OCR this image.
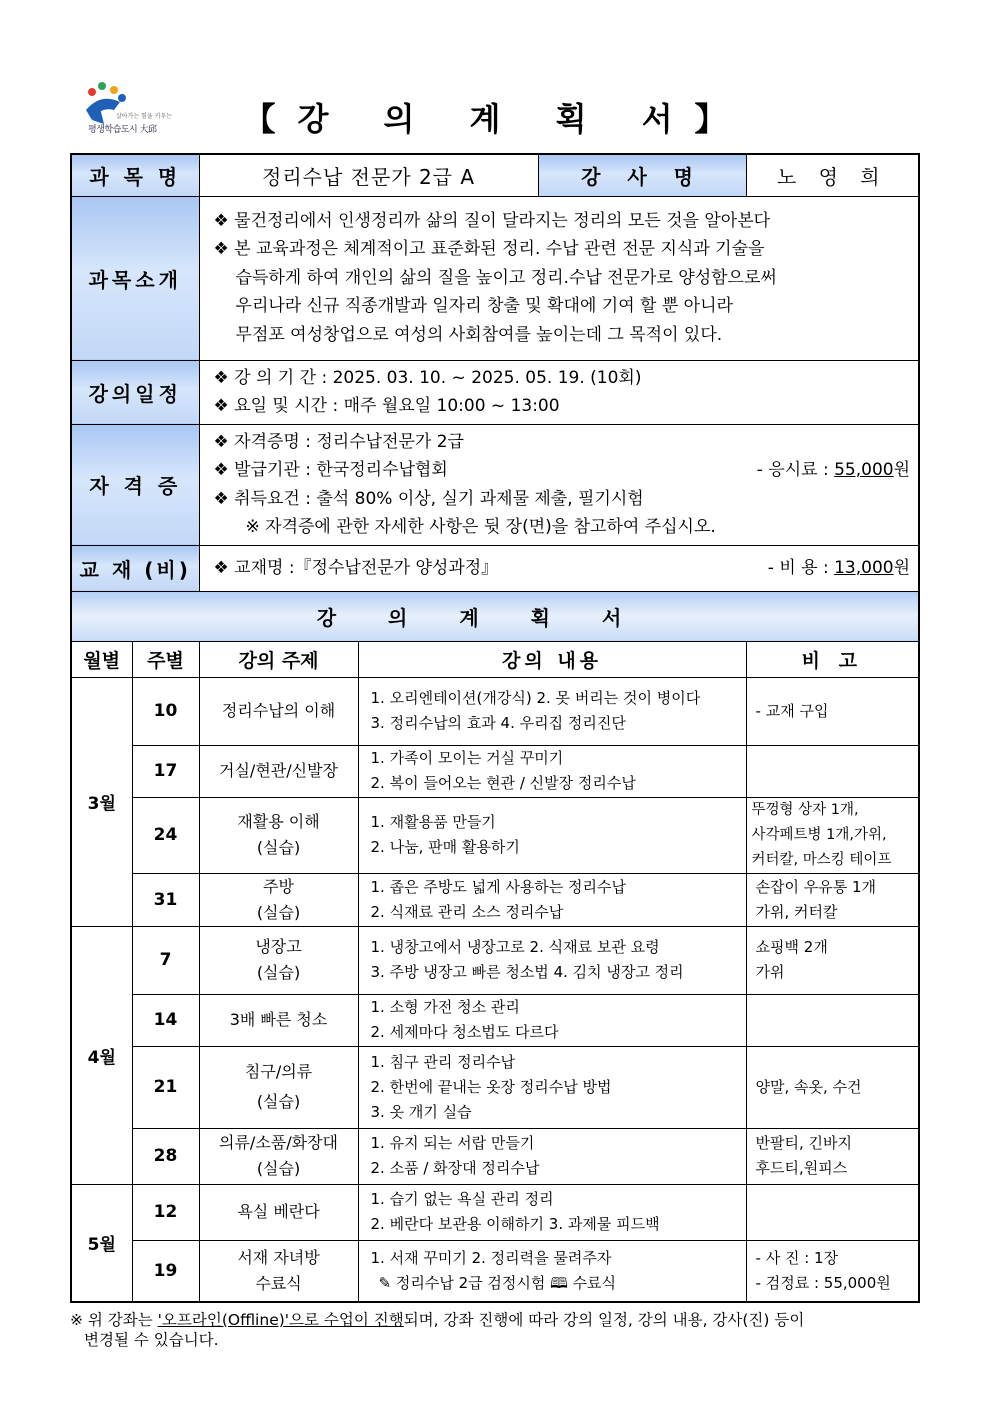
살아가는 힘을 키우는
평생학습도시 大邱	【강 의 계 획 서】
과 목 명		정리수납 전문가 2급 A		강 사 명	노 영 희
과목소개		❖ 물건정리에서 인생정리까 삶의 질이 달라지는 정리의 모든 것을 알아본다
❖ 본 교육과정은 체계적이고 표준화된 정리. 수납 관련 전문 지식과 기술을
습득하게 하여 개인의 삶의 질을 높이고 정리.수납 전문가로 양성함으로써
우리나라 신규 직종개발과 일자리 창출 및 확대에 기여 할 뿐 아니라
무점포 여성창업으로 여성의 사회참여를 높이는데 그 목적이 있다.			

강의일정		❖ 강 의 기 간 : 2025. 03. 10. ~ 2025. 05. 19. (10회)
❖ 요일 및 시간 : 매주 월요일 10:00 ~ 13:00			

자 격 증		❖ 자격증명 : 정리수납전문가 2급
❖ 발급기관 : 한국정리수납협회 - 응시료 : 55,000원
❖ 취득요건 : 출석 80% 이상, 실기 과제물 제출, 필기시험
※ 자격증에 관한 자세한 사항은 뒷 장(면)을 참고하여 주십시오.			

교 재 (비)		❖ 교재명 :『정수납전문가 양성과정』 - 비 용 : 13,000원			

강의계획서					
월별	주별	강의 주제	강의 내용		비 고
3월	10	정리수납의 이해	1. 오리엔테이션(개강식) 2. 못 버리는 것이 병이다
3. 정리수납의 효과 4. 우리집 정리진단		- 교재 구입

	17	거실/현관/신발장	1. 가족이 모이는 거실 꾸미기
2. 복이 들어오는 현관 / 신발장 정리수납		

	24	재활용 이해
(실습)	1. 재활용품 만들기
2. 나눔, 판매 활용하기		뚜껑형 상자 1개,
사각페트병 1개,가위,
커터칼, 마스킹 테이프

	31	주방
(실습)	1. 좁은 주방도 넓게 사용하는 정리수납
2. 식재료 관리 소스 정리수납		손잡이 우유통 1개
가위, 커터칼

4월	7	냉장고
(실습)	1. 냉창고에서 냉장고로 2. 식재료 보관 요령
3. 주방 냉장고 빠른 청소법 4. 김치 냉장고 정리		쇼핑백 2개
가위

	14	3배 빠른 청소	1. 소형 가전 청소 관리
2. 세제마다 청소법도 다르다		

	21	침구/의류
(실습)	1. 침구 관리 정리수납
2. 한번에 끝내는 옷장 정리수납 방법
3. 옷 개기 실습		양말, 속옷, 수건

	28	의류/소품/화장대
(실습)	1. 유지 되는 서랍 만들기
2. 소품 / 화장대 정리수납		반팔티, 긴바지
후드티,원피스

5월	12	욕실 베란다	1. 습기 없는 욕실 관리 정리
2. 베란다 보관용 이해하기 3. 과제물 피드백		

	19	서재 자녀방
수료식	1. 서재 꾸미기 2. 정리력을 물려주자
✎ 정리수납 2급 검정시험 🕮 수료식		- 사 진 : 1장
- 검정료 : 55,000원
※ 위 강좌는 '오프라인(Offline)'으로 수업이 진행되며, 강좌 진행에 따라 강의 일정, 강의 내용, 강사(진) 등이
변경될 수 있습니다.
